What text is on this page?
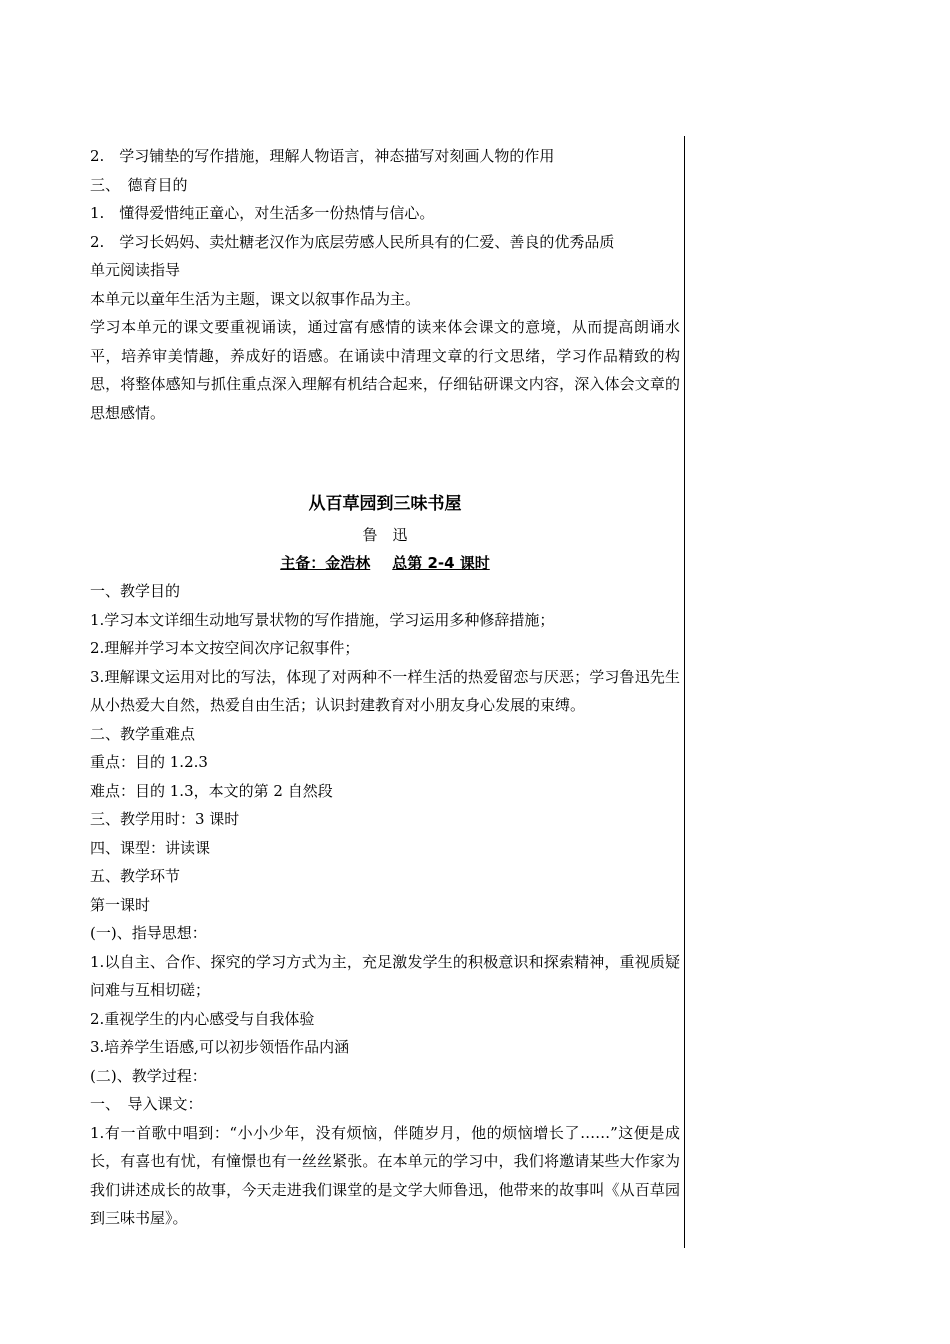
2.　学习铺垫的写作措施，理解人物语言，神态描写对刻画人物的作用
三、　德育目的
1.　懂得爱惜纯正童心，对生活多一份热情与信心。
2.　学习长妈妈、卖灶糖老汉作为底层劳感人民所具有的仁爱、善良的优秀品质
单元阅读指导
本单元以童年生活为主题，课文以叙事作品为主。
学习本单元的课文要重视诵读，通过富有感情的读来体会课文的意境，从而提高朗诵水平，培养审美情趣，养成好的语感。在诵读中清理文章的行文思绪，学习作品精致的构思，将整体感知与抓住重点深入理解有机结合起来，仔细钻研课文内容，深入体会文章的思想感情。
从百草园到三味书屋
鲁　迅
主备：金浩林 总第 2-4 课时
一、教学目的
1.学习本文详细生动地写景状物的写作措施，学习运用多种修辞措施；
2.理解并学习本文按空间次序记叙事件；
3.理解课文运用对比的写法，体现了对两种不一样生活的热爱留恋与厌恶；学习鲁迅先生从小热爱大自然，热爱自由生活；认识封建教育对小朋友身心发展的束缚。
二、教学重难点
重点：目的 1.2.3
难点：目的 1.3，本文的第 2 自然段
三、教学用时：3 课时
四、课型：讲读课
五、教学环节
第一课时
(一)、指导思想：
1.以自主、合作、探究的学习方式为主，充足激发学生的积极意识和探索精神，重视质疑问难与互相切磋；
2.重视学生的内心感受与自我体验
3.培养学生语感,可以初步领悟作品内涵
(二)、教学过程：
一、　导入课文：
1.有一首歌中唱到：“小小少年，没有烦恼，伴随岁月，他的烦恼增长了……”这便是成长，有喜也有忧，有憧憬也有一丝丝紧张。在本单元的学习中，我们将邀请某些大作家为我们讲述成长的故事，今天走进我们课堂的是文学大师鲁迅，他带来的故事叫《从百草园到三味书屋》。
